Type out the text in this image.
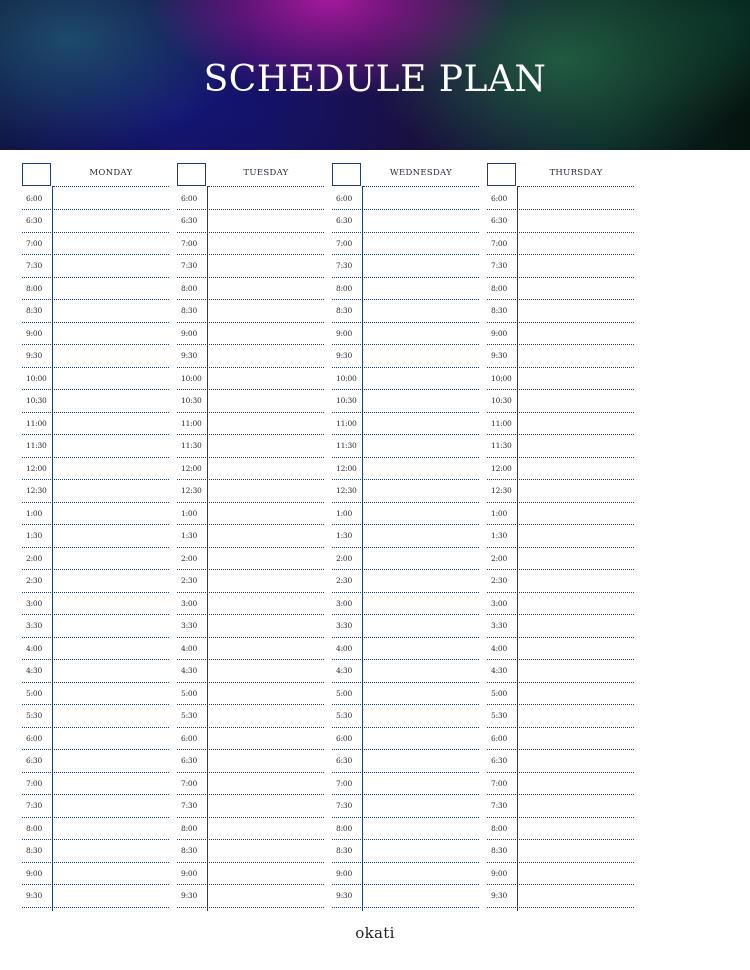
SCHEDULE PLAN
MONDAY
6:00
6:30
7:00
7:30
8:00
8:30
9:00
9:30
10:00
10:30
11:00
11:30
12:00
12:30
1:00
1:30
2:00
2:30
3:00
3:30
4:00
4:30
5:00
5:30
6:00
6:30
7:00
7:30
8:00
8:30
9:00
9:30
TUESDAY
6:00
6:30
7:00
7:30
8:00
8:30
9:00
9:30
10:00
10:30
11:00
11:30
12:00
12:30
1:00
1:30
2:00
2:30
3:00
3:30
4:00
4:30
5:00
5:30
6:00
6:30
7:00
7:30
8:00
8:30
9:00
9:30
WEDNESDAY
6:00
6:30
7:00
7:30
8:00
8:30
9:00
9:30
10:00
10:30
11:00
11:30
12:00
12:30
1:00
1:30
2:00
2:30
3:00
3:30
4:00
4:30
5:00
5:30
6:00
6:30
7:00
7:30
8:00
8:30
9:00
9:30
THURSDAY
6:00
6:30
7:00
7:30
8:00
8:30
9:00
9:30
10:00
10:30
11:00
11:30
12:00
12:30
1:00
1:30
2:00
2:30
3:00
3:30
4:00
4:30
5:00
5:30
6:00
6:30
7:00
7:30
8:00
8:30
9:00
9:30
okati
